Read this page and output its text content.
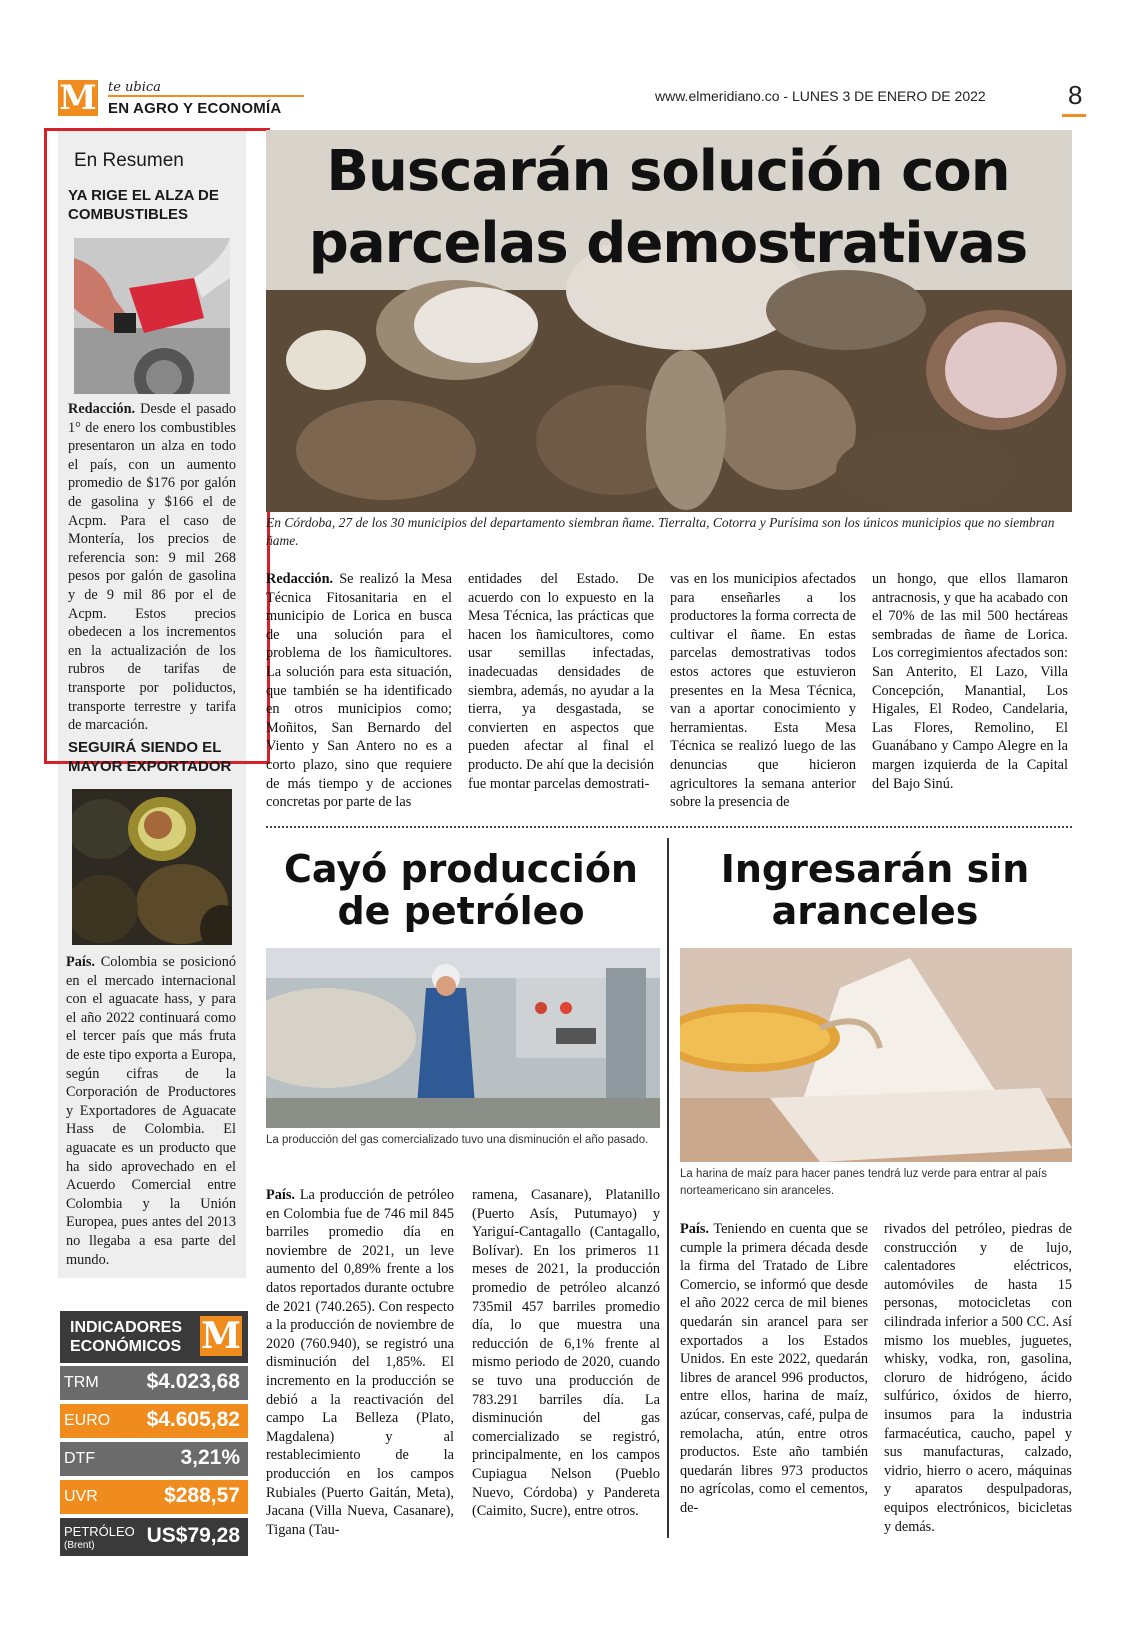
M te ubica
EN AGRO Y ECONOMÍA
www.elmeridiano.co - LUNES 3 DE ENERO DE 2022	8
En Resumen
YA RIGE EL ALZA DE COMBUSTIBLES
Redacción. Desde el pasado 1° de enero los combustibles presentaron un alza en todo el país, con un aumento promedio de $176 por galón de gasolina y $166 el de Acpm. Para el caso de Montería, los precios de referencia son: 9 mil 268 pesos por galón de gasolina y de 9 mil 86 por el de Acpm. Estos precios obedecen a los incrementos en la actualización de los rubros de tarifas de transporte por poliductos, transporte terrestre y tarifa de marcación.
SEGUIRÁ SIENDO EL MAYOR EXPORTADOR
País. Colombia se posicionó en el mercado internacional con el aguacate hass, y para el año 2022 continuará como el tercer país que más fruta de este tipo exporta a Europa, según cifras de la Corporación de Productores y Exportadores de Aguacate Hass de Colombia. El aguacate es un producto que ha sido aprovechado en el Acuerdo Comercial entre Colombia y la Unión Europea, pues antes del 2013 no llegaba a esa parte del mundo.
INDICADORES
ECONÓMICOS M
TRM $4.023,68
EURO $4.605,82
DTF	3,21%
UVR	$288,57
PETRÓLEO
(Brent) US$79,28
Buscarán solución con parcelas demostrativas
En Córdoba, 27 de los 30 municipios del departamento siembran ñame. Tierralta, Cotorra y Purísima son los únicos municipios que no siembran ñame.
Redacción. Se realizó la Mesa Técnica Fitosanitaria en el municipio de Lorica en busca de una solución para el problema de los ñamicultores. La solución para esta situación, que también se ha identificado en otros municipios como; Moñitos, San Bernardo del Viento y San Antero no es a corto plazo, sino que requiere de más tiempo y de acciones concretas por parte de las
entidades del Estado. De acuerdo con lo expuesto en la Mesa Técnica, las prácticas que hacen los ñamicultores, como usar semillas infectadas, inadecuadas densidades de siembra, además, no ayudar a la tierra, ya desgastada, se convierten en aspectos que pueden afectar al final el producto. De ahí que la decisión fue montar parcelas demostrati-
vas en los municipios afectados para enseñarles a los productores la forma correcta de cultivar el ñame. En estas parcelas demostrativas todos estos actores que estuvieron presentes en la Mesa Técnica, van a aportar conocimiento y herramientas. Esta Mesa Técnica se realizó luego de las denuncias que hicieron agricultores la semana anterior sobre la presencia de
un hongo, que ellos llamaron antracnosis, y que ha acabado con el 70% de las mil 500 hectáreas sembradas de ñame de Lorica. Los corregimientos afectados son: San Anterito, El Lazo, Villa Concepción, Manantial, Los Higales, El Rodeo, Candelaria, Las Flores, Remolino, El Guanábano y Campo Alegre en la margen izquierda de la Capital del Bajo Sinú.
Cayó producción de petróleo
La producción del gas comercializado tuvo una disminución el año pasado.
País. La producción de petróleo en Colombia fue de 746 mil 845 barriles promedio día en noviembre de 2021, un leve aumento del 0,89% frente a los datos reportados durante octubre de 2021 (740.265). Con respecto a la producción de noviembre de 2020 (760.940), se registró una disminución del 1,85%. El incremento en la producción se debió a la reactivación del campo La Belleza (Plato, Magdalena) y al restablecimiento de la producción en los campos Rubiales (Puerto Gaitán, Meta), Jacana (Villa Nueva, Casanare), Tigana (Tau-
ramena, Casanare), Platanillo (Puerto Asís, Putumayo) y Yariguí-Cantagallo (Cantagallo, Bolívar). En los primeros 11 meses de 2021, la producción promedio de petróleo alcanzó 735mil 457 barriles promedio día, lo que muestra una reducción de 6,1% frente al mismo periodo de 2020, cuando se tuvo una producción de 783.291 barriles día. La disminución del gas comercializado se registró, principalmente, en los campos Cupiagua Nelson (Pueblo Nuevo, Córdoba) y Pandereta (Caimito, Sucre), entre otros.
Ingresarán sin aranceles
La harina de maíz para hacer panes tendrá luz verde para entrar al país norteamericano sin aranceles.
País. Teniendo en cuenta que se cumple la primera década desde la firma del Tratado de Libre Comercio, se informó que desde el año 2022 cerca de mil bienes quedarán sin arancel para ser exportados a los Estados Unidos. En este 2022, quedarán libres de arancel 996 productos, entre ellos, harina de maíz, azúcar, conservas, café, pulpa de remolacha, atún, entre otros productos. Este año también quedarán libres 973 productos no agrícolas, como el cementos, de-
rivados del petróleo, piedras de construcción y de lujo, calentadores eléctricos, automóviles de hasta 15 personas, motocicletas con cilindrada inferior a 500 CC. Así mismo los muebles, juguetes, whisky, vodka, ron, gasolina, cloruro de hidrógeno, ácido sulfúrico, óxidos de hierro, insumos para la industria farmacéutica, caucho, papel y sus manufacturas, calzado, vidrio, hierro o acero, máquinas y aparatos despulpadoras, equipos electrónicos, bicicletas y demás.
